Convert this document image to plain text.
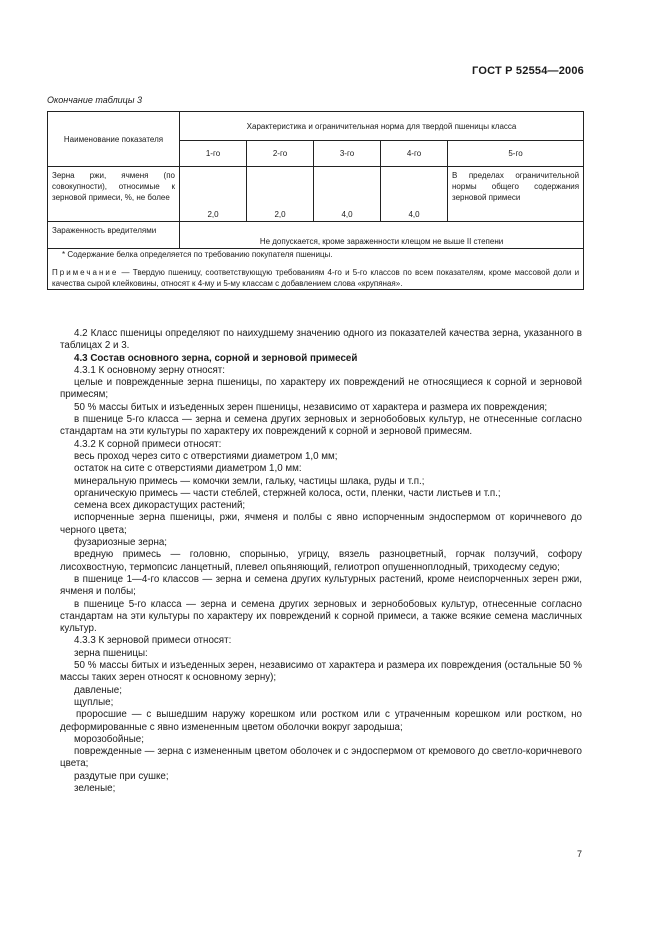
ГОСТ Р 52554—2006
Окончание таблицы 3
Наименование показателя	Характеристика и ограничительная норма для твердой пшеницы класса				
	1-го	2-го	3-го	4-го	5-го
Зерна ржи, ячменя (по совокупности), относимые к зерновой примеси, %, не более	2,0	2,0	4,0	4,0	В пределах ограничительной нормы общего содержания зерновой примеси
Зараженность вредителями	Не допускается, кроме зараженности клещом не выше II степени				

* Содержание белка определяется по требованию покупателя пшеницы.

Примечание — Твердую пшеницу, соответствующую требованиям 4-го и 5-го классов по всем показателям, кроме массовой доли и качества сырой клейковины, относят к 4-му и 5-му классам с добавлением слова «крупяная».					

4.2 Класс пшеницы определяют по наихудшему значению одного из показателей качества зерна, указанного в таблицах 2 и 3.

4.3 Состав основного зерна, сорной и зерновой примесей

4.3.1 К основному зерну относят:

целые и поврежденные зерна пшеницы, по характеру их повреждений не относящиеся к сорной и зерновой примесям;

50 % массы битых и изъеденных зерен пшеницы, независимо от характера и размера их повреждения;

в пшенице 5-го класса — зерна и семена других зерновых и зернобобовых культур, не отнесенные согласно стандартам на эти культуры по характеру их повреждений к сорной и зерновой примесям.

4.3.2 К сорной примеси относят:

весь проход через сито с отверстиями диаметром 1,0 мм;

остаток на сите с отверстиями диаметром 1,0 мм:

минеральную примесь — комочки земли, гальку, частицы шлака, руды и т.п.;

органическую примесь — части стеблей, стержней колоса, ости, пленки, части листьев и т.п.;

семена всех дикорастущих растений;

испорченные зерна пшеницы, ржи, ячменя и полбы с явно испорченным эндоспермом от коричневого до черного цвета;

фузариозные зерна;

вредную примесь — головню, спорынью, угрицу, вязель разноцветный, горчак ползучий, софору лисохвостную, термопсис ланцетный, плевел опьяняющий, гелиотроп опушеннoплодный, триходесму седую;

в пшенице 1—4-го классов — зерна и семена других культурных растений, кроме неиспорченных зерен ржи, ячменя и полбы;

в пшенице 5-го класса — зерна и семена других зерновых и зернобобовых культур, отнесенные согласно стандартам на эти культуры по характеру их повреждений к сорной примеси, а также всякие семена масличных культур.

4.3.3 К зерновой примеси относят:

зерна пшеницы:

50 % массы битых и изъеденных зерен, независимо от характера и размера их повреждения (остальные 50 % массы таких зерен относят к основному зерну);

давленые;

щуплые;

проросшие — с вышедшим наружу корешком или ростком или с утраченным корешком или ростком, но деформированные с явно измененным цветом оболочки вокруг зародыша;

морозобойные;

поврежденные — зерна с измененным цветом оболочек и с эндоспермом от кремового до светло-коричневого цвета;

раздутые при сушке;

зеленые;

7
